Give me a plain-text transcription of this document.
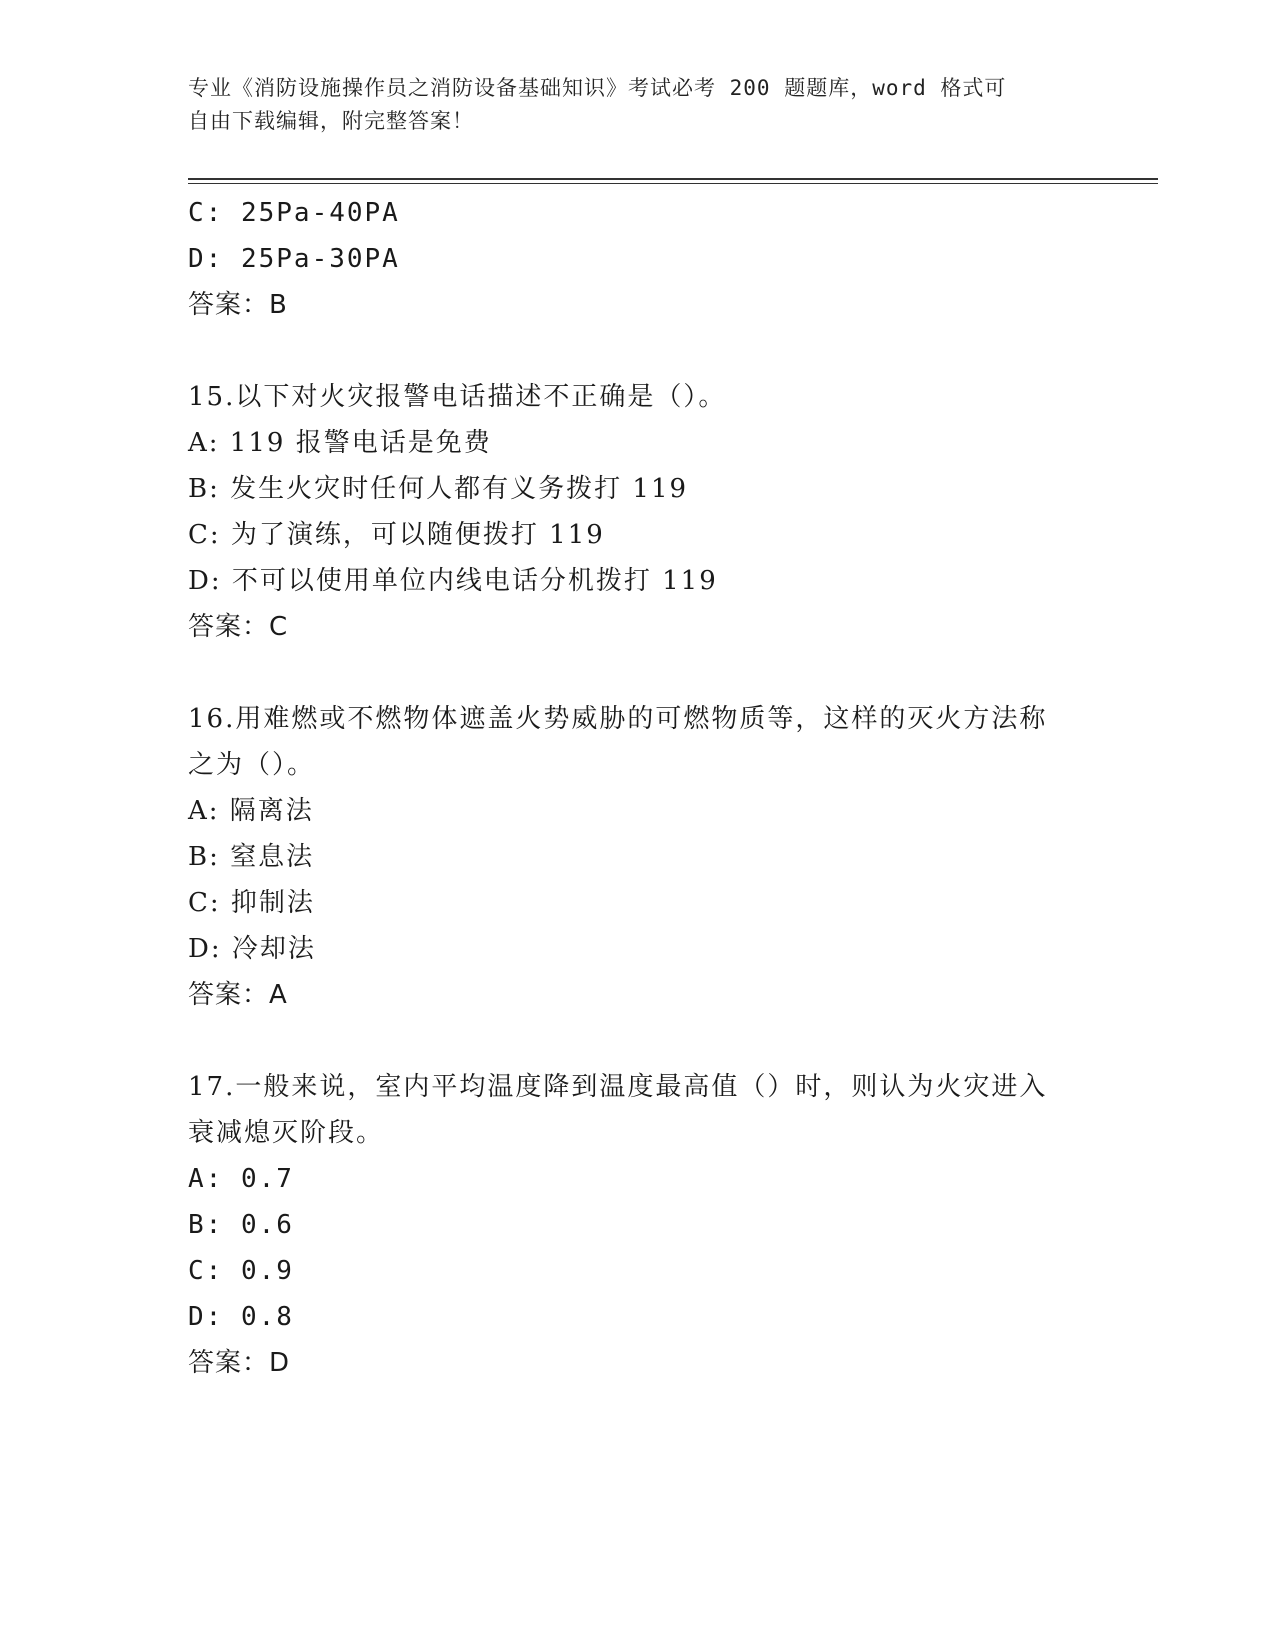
专业《消防设施操作员之消防设备基础知识》考试必考 200 题题库，word 格式可
自由下载编辑，附完整答案！
C: 25Pa-40PA
D: 25Pa-30PA
答案：B
15.以下对火灾报警电话描述不正确是（）。
A: 119 报警电话是免费
B: 发生火灾时任何人都有义务拨打 119
C: 为了演练，可以随便拨打 119
D: 不可以使用单位内线电话分机拨打 119
答案：C
16.用难燃或不燃物体遮盖火势威胁的可燃物质等，这样的灭火方法称
之为（）。
A: 隔离法
B: 窒息法
C: 抑制法
D: 冷却法
答案：A
17.一般来说，室内平均温度降到温度最高值（）时，则认为火灾进入
衰减熄灭阶段。
A: 0.7
B: 0.6
C: 0.9
D: 0.8
答案：D
